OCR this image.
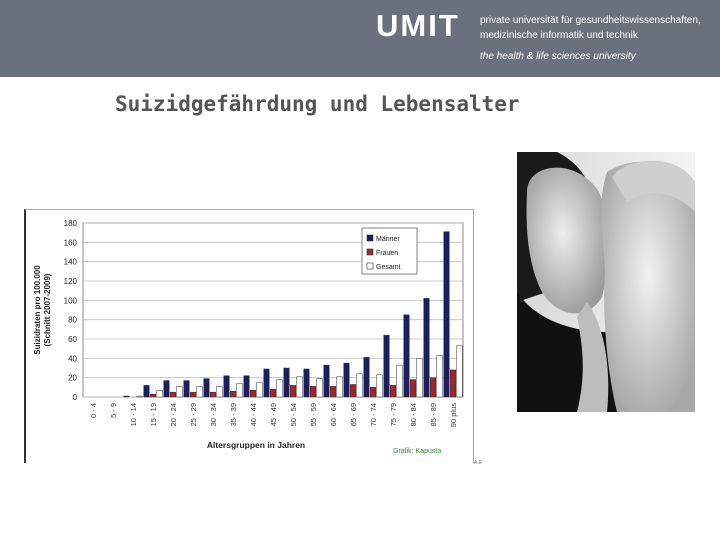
UMIT private universität für gesundheitswissenschaften,
medizinische informatik und technik
the health & life sciences university
Suizidgefährdung und Lebensalter
0
20
40
60
80
100
120
140
160
180
0 - 4 5 - 9 10 - 14 15 - 19 20 - 24 25 - 29 30 - 34 35 - 39 40 - 44 45 - 49 50 - 54 55 - 59 60 - 64 65 - 69 70 - 74 75 - 79 80 - 84 85 - 89 90 plus
Suizidraten pro 100.000 (Schnitt 2007-2009)
Altersgruppen in Jahren
Grafik: Kapusta
Männer
Frauen
Gesamt
A.E
